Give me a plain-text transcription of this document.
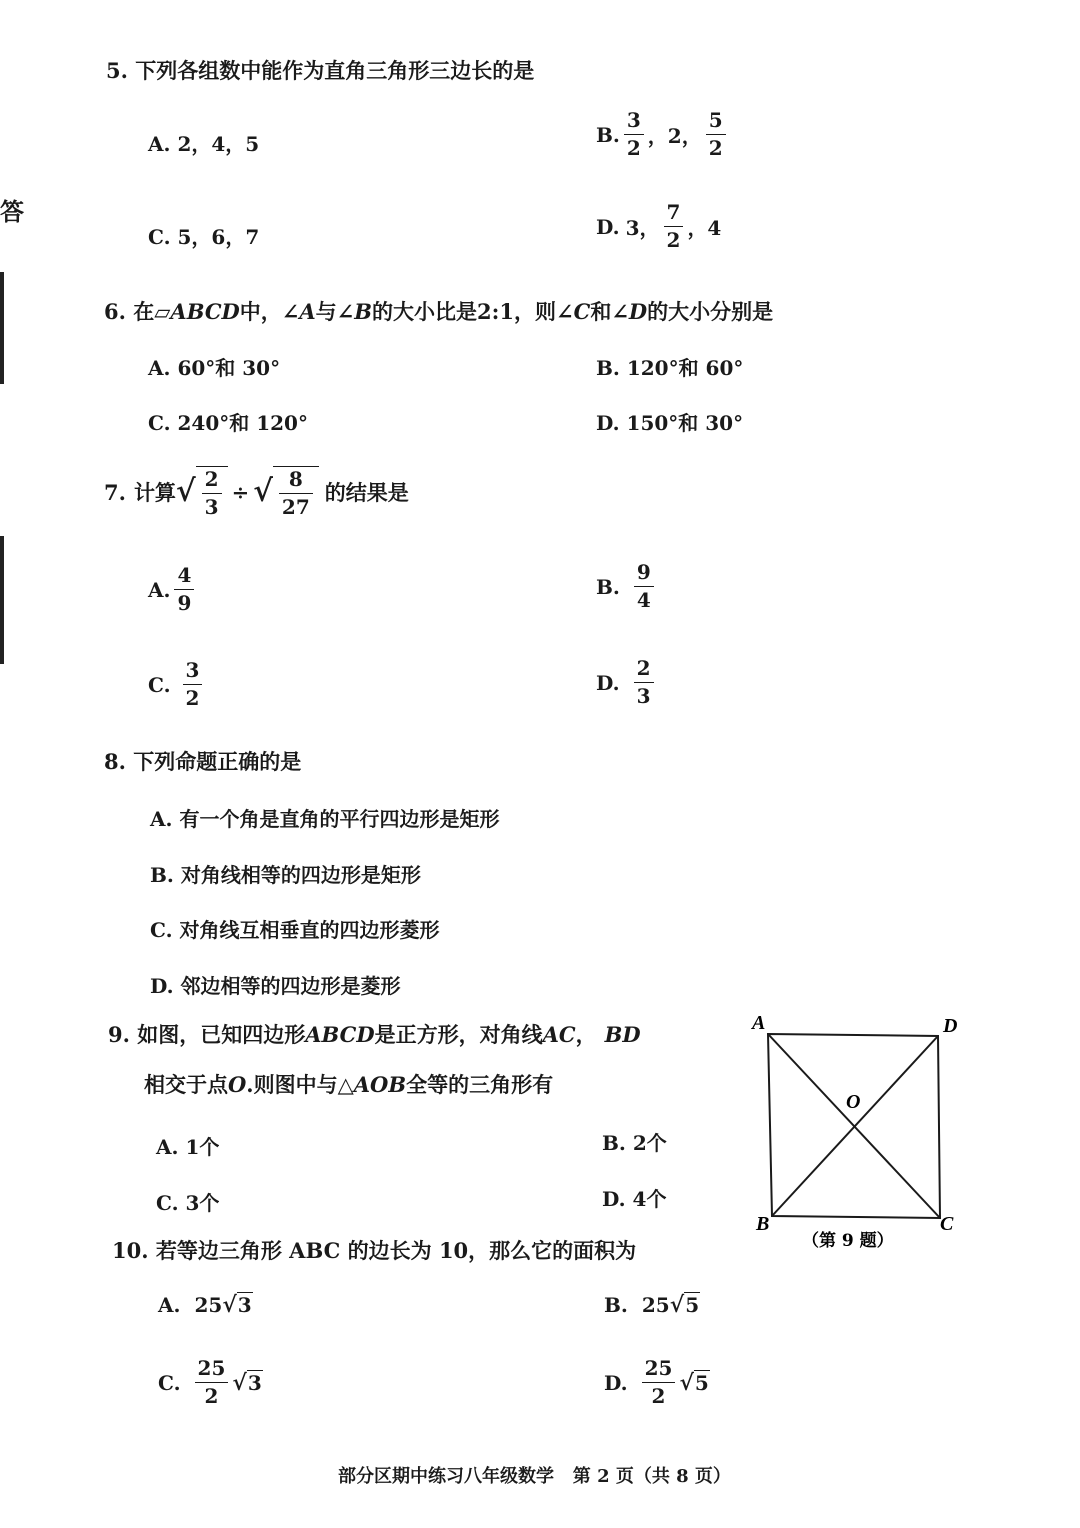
答
5. 下列各组数中能作为直角三角形三边长的是
A. 2，4，5	B. $\frac{3}{2}$ ，2， $\frac{5}{2}$
C. 5，6，7	D. 3， $\frac{7}{2}$ ，4
6. 在▱ABCD中，∠A与∠B的大小比是2:1，则∠C和∠D的大小分别是
A. 60°和 30°	B. 120°和 60°
C. 240°和 120°	D. 150°和 30°
7. 计算 √ $\frac{2}{3}$ ÷ √ $\frac{8}{27}$ 的结果是
A. $\frac{4}{9}$	B. $\frac{9}{4}$
C. $\frac{3}{2}$	D. $\frac{2}{3}$
8. 下列命题正确的是
A. 有一个角是直角的平行四边形是矩形
B. 对角线相等的四边形是矩形
C. 对角线互相垂直的四边形菱形
D. 邻边相等的四边形是菱形
9. 如图，已知四边形ABCD是正方形，对角线AC， BD
相交于点O.则图中与△AOB全等的三角形有
A. 1个	B. 2个
C. 3个	D. 4个
A	D
O
B	C
（第 9 题）
10. 若等边三角形 ABC 的边长为 10，那么它的面积为
A. 25 √ 3	B. 25 √ 5
C. $\frac{25}{2}$ √ 3	D. $\frac{25}{2}$ √ 5
部分区期中练习八年级数学   第 2 页（共 8 页）
